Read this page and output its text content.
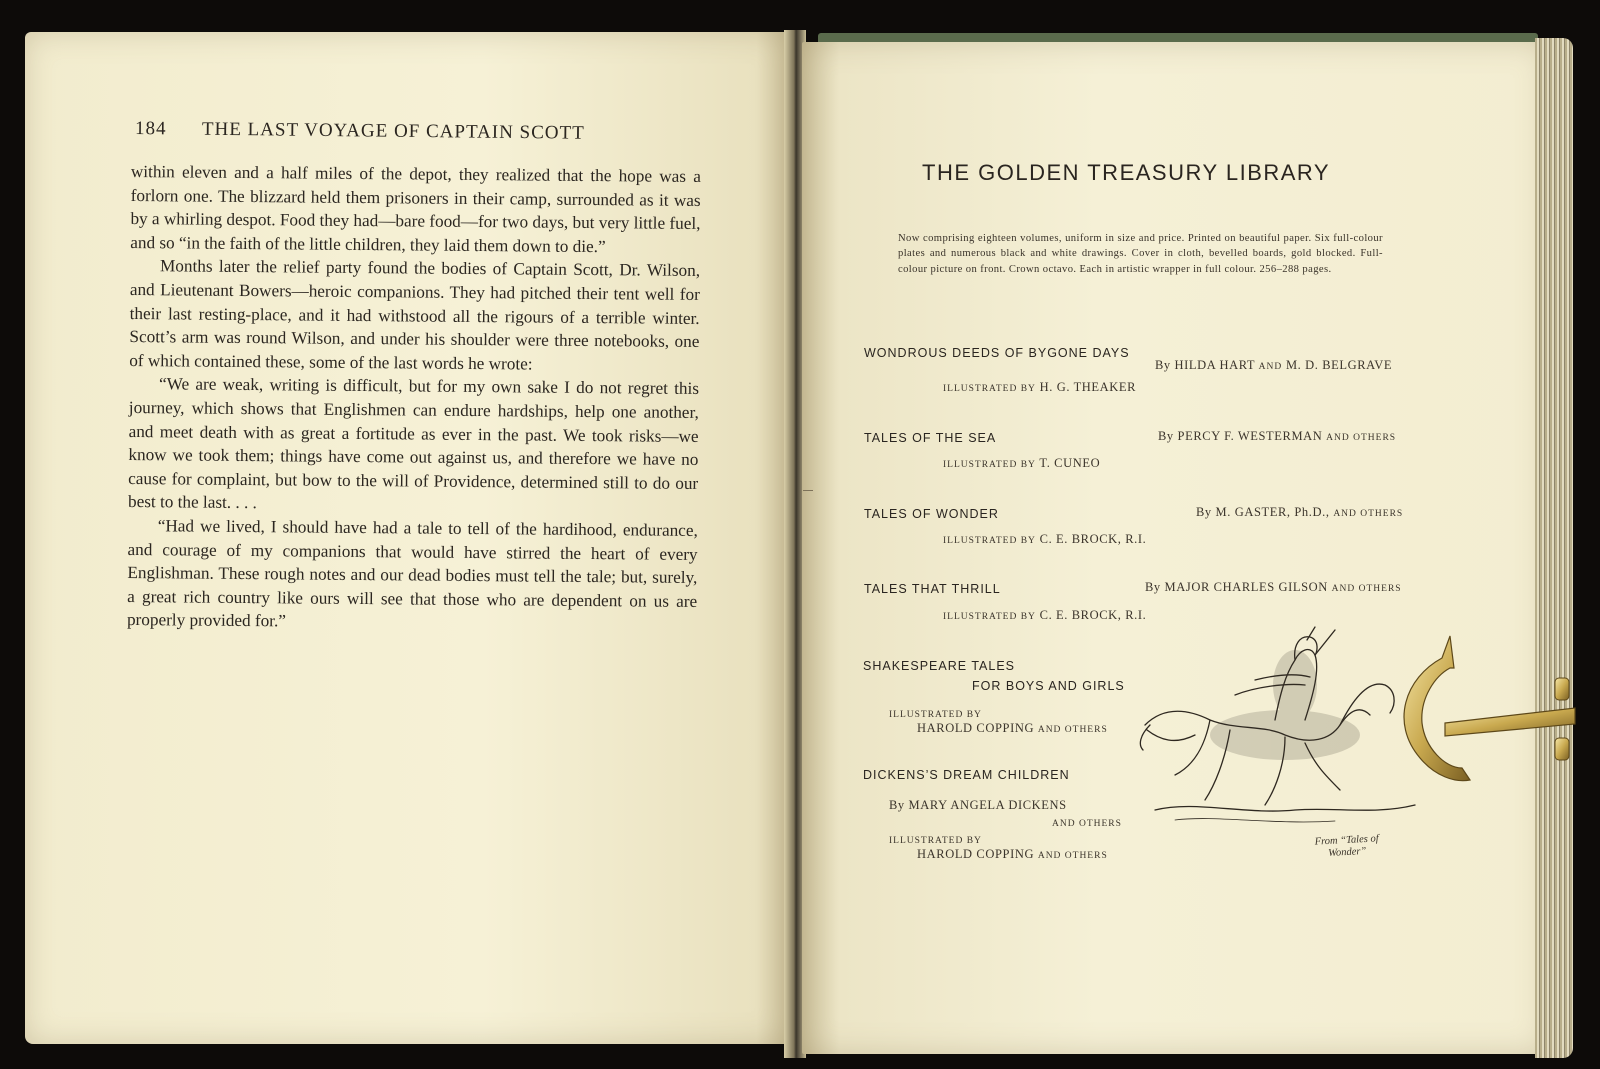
184 THE LAST VOYAGE OF CAPTAIN SCOTT

within eleven and a half miles of the depot, they realized that the hope was a forlorn one. The blizzard held them prisoners in their camp, surrounded as it was by a whirling despot. Food they had—bare food—for two days, but very little fuel, and so “in the faith of the little children, they laid them down to die.”

Months later the relief party found the bodies of Captain Scott, Dr. Wilson, and Lieutenant Bowers—heroic companions. They had pitched their tent well for their last resting-place, and it had withstood all the rigours of a terrible winter. Scott’s arm was round Wilson, and under his shoulder were three notebooks, one of which contained these, some of the last words he wrote:

“We are weak, writing is difficult, but for my own sake I do not regret this journey, which shows that Englishmen can endure hardships, help one another, and meet death with as great a fortitude as ever in the past. We took risks—we know we took them; things have come out against us, and therefore we have no cause for complaint, but bow to the will of Providence, determined still to do our best to the last. . . .

“Had we lived, I should have had a tale to tell of the hardihood, endurance, and courage of my companions that would have stirred the heart of every Englishman. These rough notes and our dead bodies must tell the tale; but, surely, a great rich country like ours will see that those who are dependent on us are properly provided for.”

THE GOLDEN TREASURY LIBRARY
Now comprising eighteen volumes, uniform in size and price. Printed on beautiful paper. Six full-colour plates and numerous black and white drawings. Cover in cloth, bevelled boards, gold blocked. Full-colour picture on front. Crown octavo. Each in artistic wrapper in full colour. 256–288 pages.
WONDROUS DEEDS OF BYGONE DAYS
By HILDA HART AND M. D. BELGRAVE
ILLUSTRATED BY H. G. THEAKER
TALES OF THE SEA	By PERCY F. WESTERMAN AND OTHERS
ILLUSTRATED BY T. CUNEO
TALES OF WONDER	By M. GASTER, Ph.D., AND OTHERS
ILLUSTRATED BY C. E. BROCK, R.I.
TALES THAT THRILL	By MAJOR CHARLES GILSON AND OTHERS
ILLUSTRATED BY C. E. BROCK, R.I.
SHAKESPEARE TALES
FOR BOYS AND GIRLS
ILLUSTRATED BY
HAROLD COPPING AND OTHERS
DICKENS’S DREAM CHILDREN
By MARY ANGELA DICKENS
AND OTHERS
ILLUSTRATED BY
HAROLD COPPING AND OTHERS
From “Tales of
Wonder”
